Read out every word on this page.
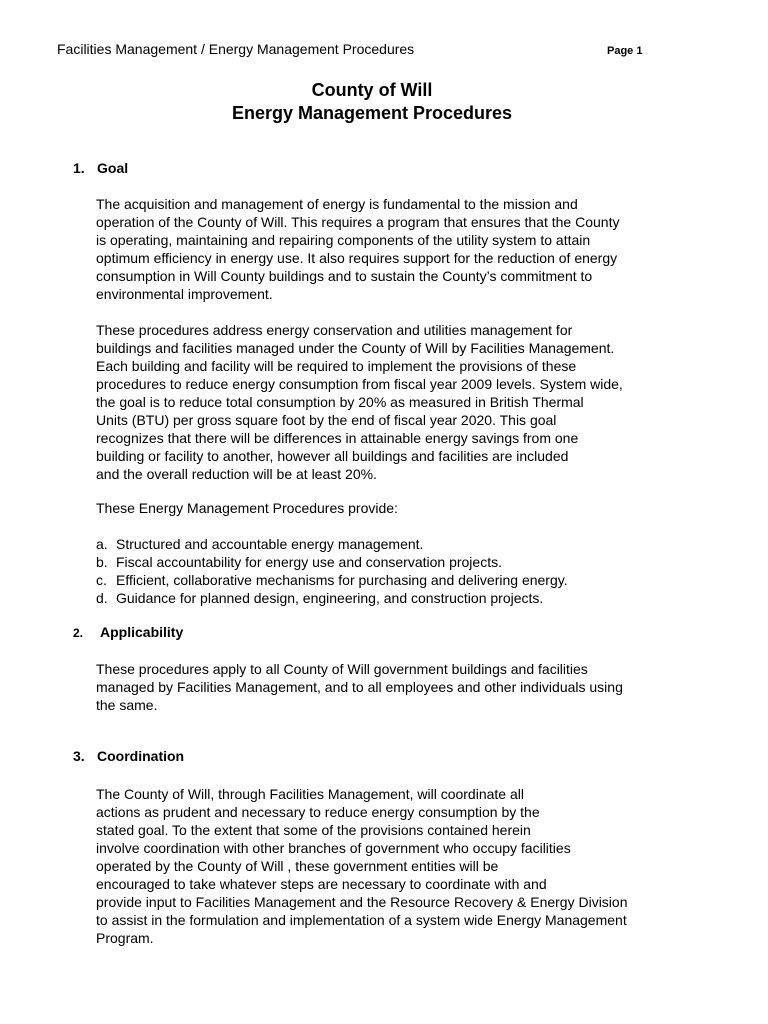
Facilities Management / Energy Management Procedures	Page 1
County of Will
Energy Management Procedures
1. Goal
The acquisition and management of energy is fundamental to the mission and
operation of the County of Will. This requires a program that ensures that the County
is operating, maintaining and repairing components of the utility system to attain
optimum efficiency in energy use. It also requires support for the reduction of energy
consumption in Will County buildings and to sustain the County’s commitment to
environmental improvement.
These procedures address energy conservation and utilities management for
buildings and facilities managed under the County of Will by Facilities Management.
Each building and facility will be required to implement the provisions of these
procedures to reduce energy consumption from fiscal year 2009 levels. System wide,
the goal is to reduce total consumption by 20% as measured in British Thermal
Units (BTU) per gross square foot by the end of fiscal year 2020. This goal
recognizes that there will be differences in attainable energy savings from one
building or facility to another, however all buildings and facilities are included
and the overall reduction will be at least 20%.
These Energy Management Procedures provide:
a. Structured and accountable energy management.
b. Fiscal accountability for energy use and conservation projects.
c. Efficient, collaborative mechanisms for purchasing and delivering energy.
d. Guidance for planned design, engineering, and construction projects.
2. Applicability
These procedures apply to all County of Will government buildings and facilities
managed by Facilities Management, and to all employees and other individuals using
the same.
3. Coordination
The County of Will, through Facilities Management, will coordinate all
actions as prudent and necessary to reduce energy consumption by the
stated goal. To the extent that some of the provisions contained herein
involve coordination with other branches of government who occupy facilities
operated by the County of Will , these government entities will be
encouraged to take whatever steps are necessary to coordinate with and
provide input to Facilities Management and the Resource Recovery & Energy Division
to assist in the formulation and implementation of a system wide Energy Management
Program.
